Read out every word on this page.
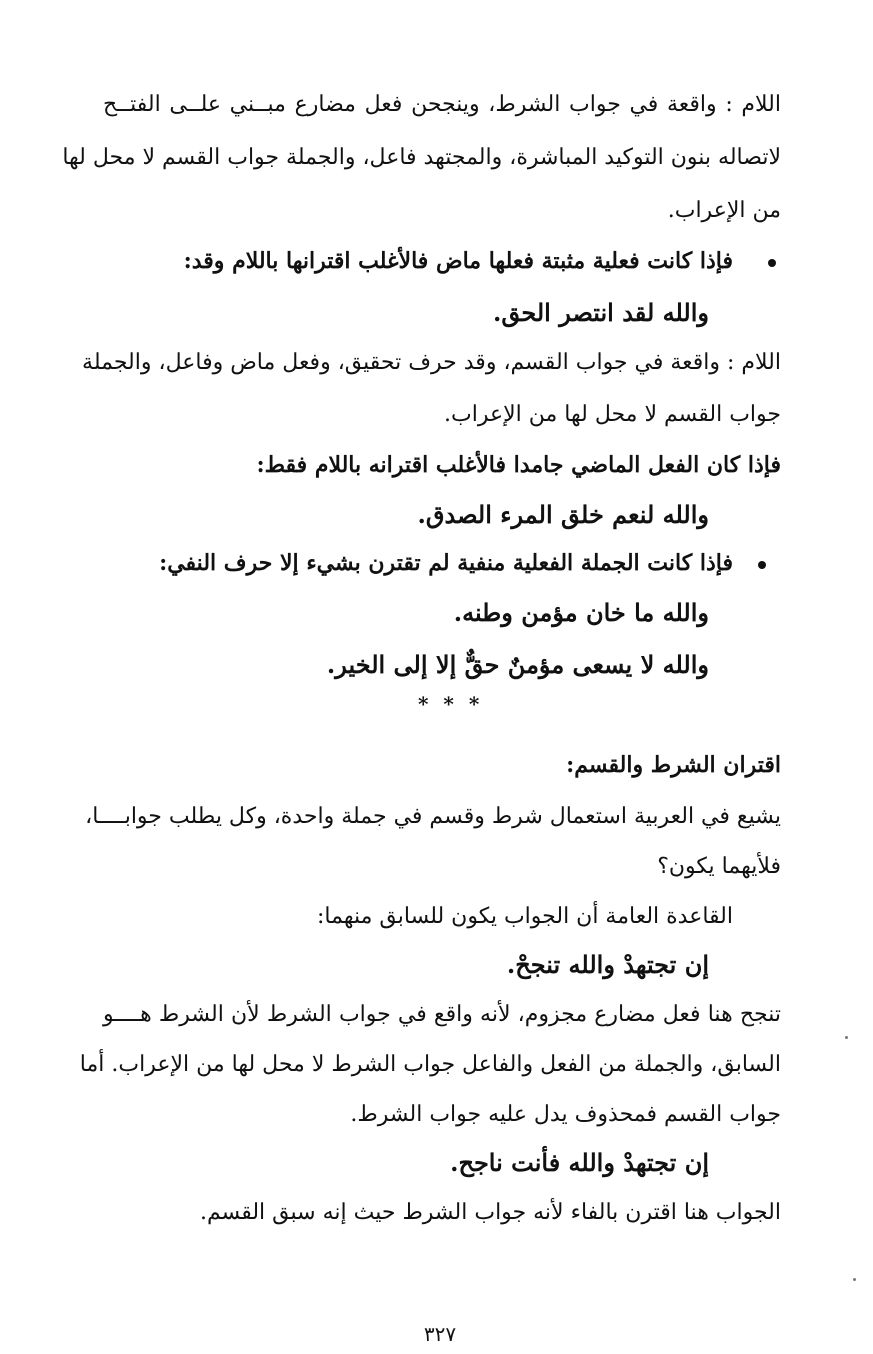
اللام : واقعة في جواب الشرط، وينجحن فعل مضارع مبــني علــى الفتــح
لاتصاله بنون التوكيد المباشرة، والمجتهد فاعل، والجملة جواب القسم لا محل لها
من الإعراب.
فإذا كانت فعلية مثبتة فعلها ماض فالأغلب اقترانها باللام وقد:
والله لقد انتصر الحق.
اللام : واقعة في جواب القسم، وقد حرف تحقيق، وفعل ماض وفاعل، والجملة
جواب القسم لا محل لها من الإعراب.
فإذا كان الفعل الماضي جامدا فالأغلب اقترانه باللام فقط:
والله لنعم خلق المرء الصدق.
فإذا كانت الجملة الفعلية منفية لم تقترن بشيء إلا حرف النفي:
والله ما خان مؤمن وطنه.
والله لا يسعى مؤمنٌ حقٌّ إلا إلى الخير.
* * *
اقتران الشرط والقسم:
يشيع في العربية استعمال شرط وقسم في جملة واحدة، وكل يطلب جوابــــا،
فلأيهما يكون؟
القاعدة العامة أن الجواب يكون للسابق منهما:
إن تجتهدْ والله تنجحْ.
تنجح هنا فعل مضارع مجزوم، لأنه واقع في جواب الشرط لأن الشرط هــــو
السابق، والجملة من الفعل والفاعل جواب الشرط لا محل لها من الإعراب. أما
جواب القسم فمحذوف يدل عليه جواب الشرط.
إن تجتهدْ والله فأنت ناجح.
الجواب هنا اقترن بالفاء لأنه جواب الشرط حيث إنه سبق القسم.
٣٢٧
